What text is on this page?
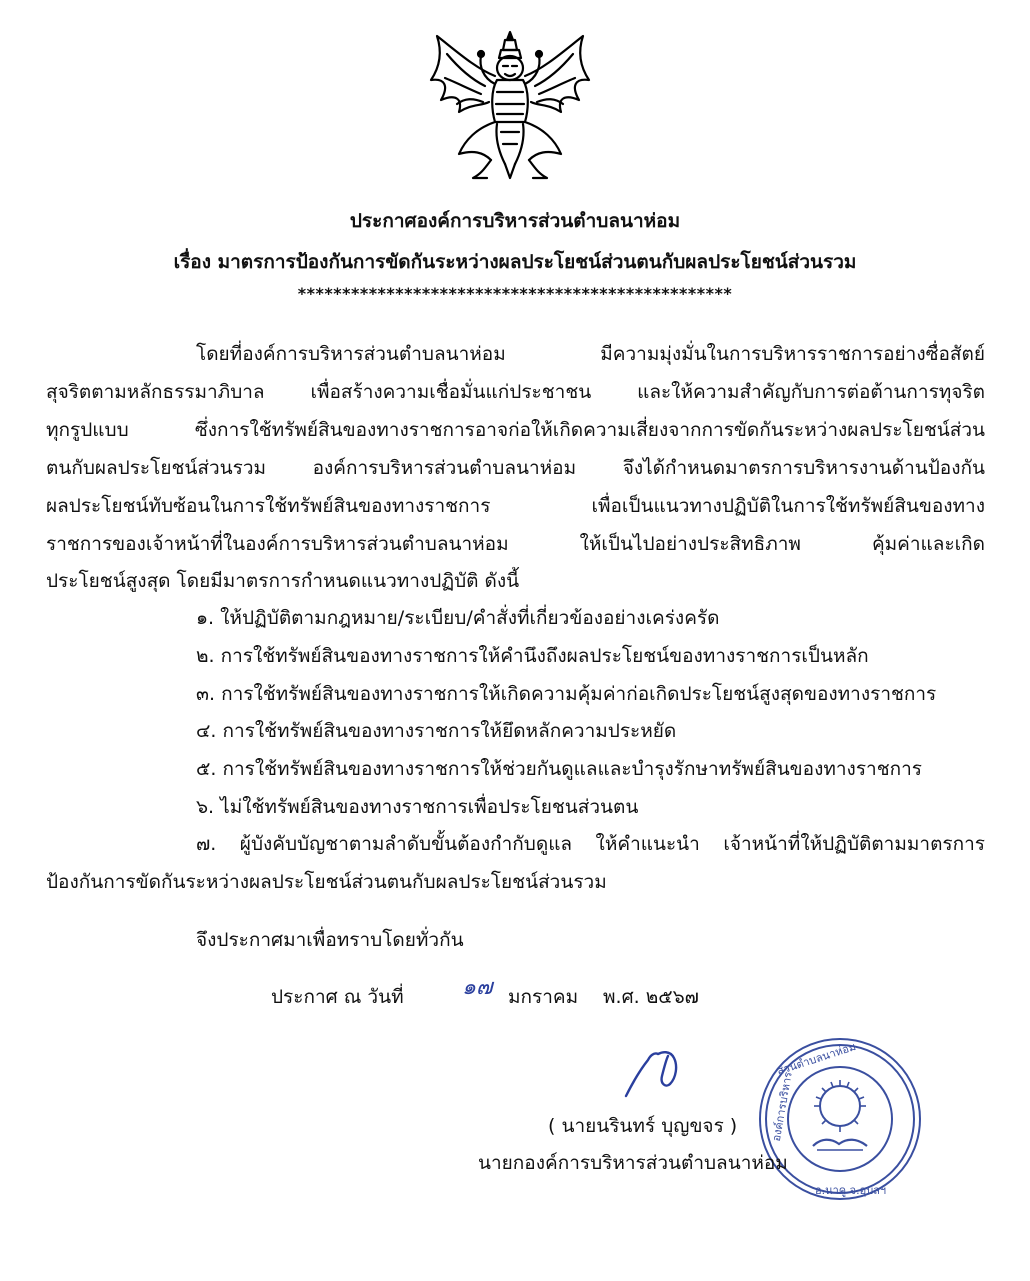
ประกาศองค์การบริหารส่วนตำบลนาห่อม
เรื่อง มาตรการป้องกันการขัดกันระหว่างผลประโยชน์ส่วนตนกับผลประโยชน์ส่วนรวม
*************************************************
โดยที่องค์การบริหารส่วนตำบลนาห่อม มีความมุ่งมั่นในการบริหารราชการอย่างซื่อสัตย์
สุจริตตามหลักธรรมาภิบาล เพื่อสร้างความเชื่อมั่นแก่ประชาชน และให้ความสำคัญกับการต่อต้านการทุจริต
ทุกรูปแบบ ซึ่งการใช้ทรัพย์สินของทางราชการอาจก่อให้เกิดความเสี่ยงจากการขัดกันระหว่างผลประโยชน์ส่วน
ตนกับผลประโยชน์ส่วนรวม องค์การบริหารส่วนตำบลนาห่อม จึงได้กำหนดมาตรการบริหารงานด้านป้องกัน
ผลประโยชน์ทับซ้อนในการใช้ทรัพย์สินของทางราชการ เพื่อเป็นแนวทางปฏิบัติในการใช้ทรัพย์สินของทาง
ราชการของเจ้าหน้าที่ในองค์การบริหารส่วนตำบลนาห่อม ให้เป็นไปอย่างประสิทธิภาพ คุ้มค่าและเกิด
ประโยชน์สูงสุด โดยมีมาตรการกำหนดแนวทางปฏิบัติ ดังนี้
๑. ให้ปฏิบัติตามกฎหมาย/ระเบียบ/คำสั่งที่เกี่ยวข้องอย่างเคร่งครัด
๒. การใช้ทรัพย์สินของทางราชการให้คำนึงถึงผลประโยชน์ของทางราชการเป็นหลัก
๓. การใช้ทรัพย์สินของทางราชการให้เกิดความคุ้มค่าก่อเกิดประโยชน์สูงสุดของทางราชการ
๔. การใช้ทรัพย์สินของทางราชการให้ยึดหลักความประหยัด
๕. การใช้ทรัพย์สินของทางราชการให้ช่วยกันดูแลและบำรุงรักษาทรัพย์สินของทางราชการ
๖. ไม่ใช้ทรัพย์สินของทางราชการเพื่อประโยชนส่วนตน
๗. ผู้บังคับบัญชาตามลำดับขั้นต้องกำกับดูแล ให้คำแนะนำ เจ้าหน้าที่ให้ปฏิบัติตามมาตรการ
ป้องกันการขัดกันระหว่างผลประโยชน์ส่วนตนกับผลประโยชน์ส่วนรวม
จึงประกาศมาเพื่อทราบโดยทั่วกัน
ประกาศ ณ วันที่	๑๗ มกราคม พ.ศ. ๒๕๖๗
ส่วนตำบลนาห่อม
องค์การบริหาร
อ.นาคู จ.อุบลฯ
( นายนรินทร์ บุญขจร )
นายกองค์การบริหารส่วนตำบลนาห่อม
